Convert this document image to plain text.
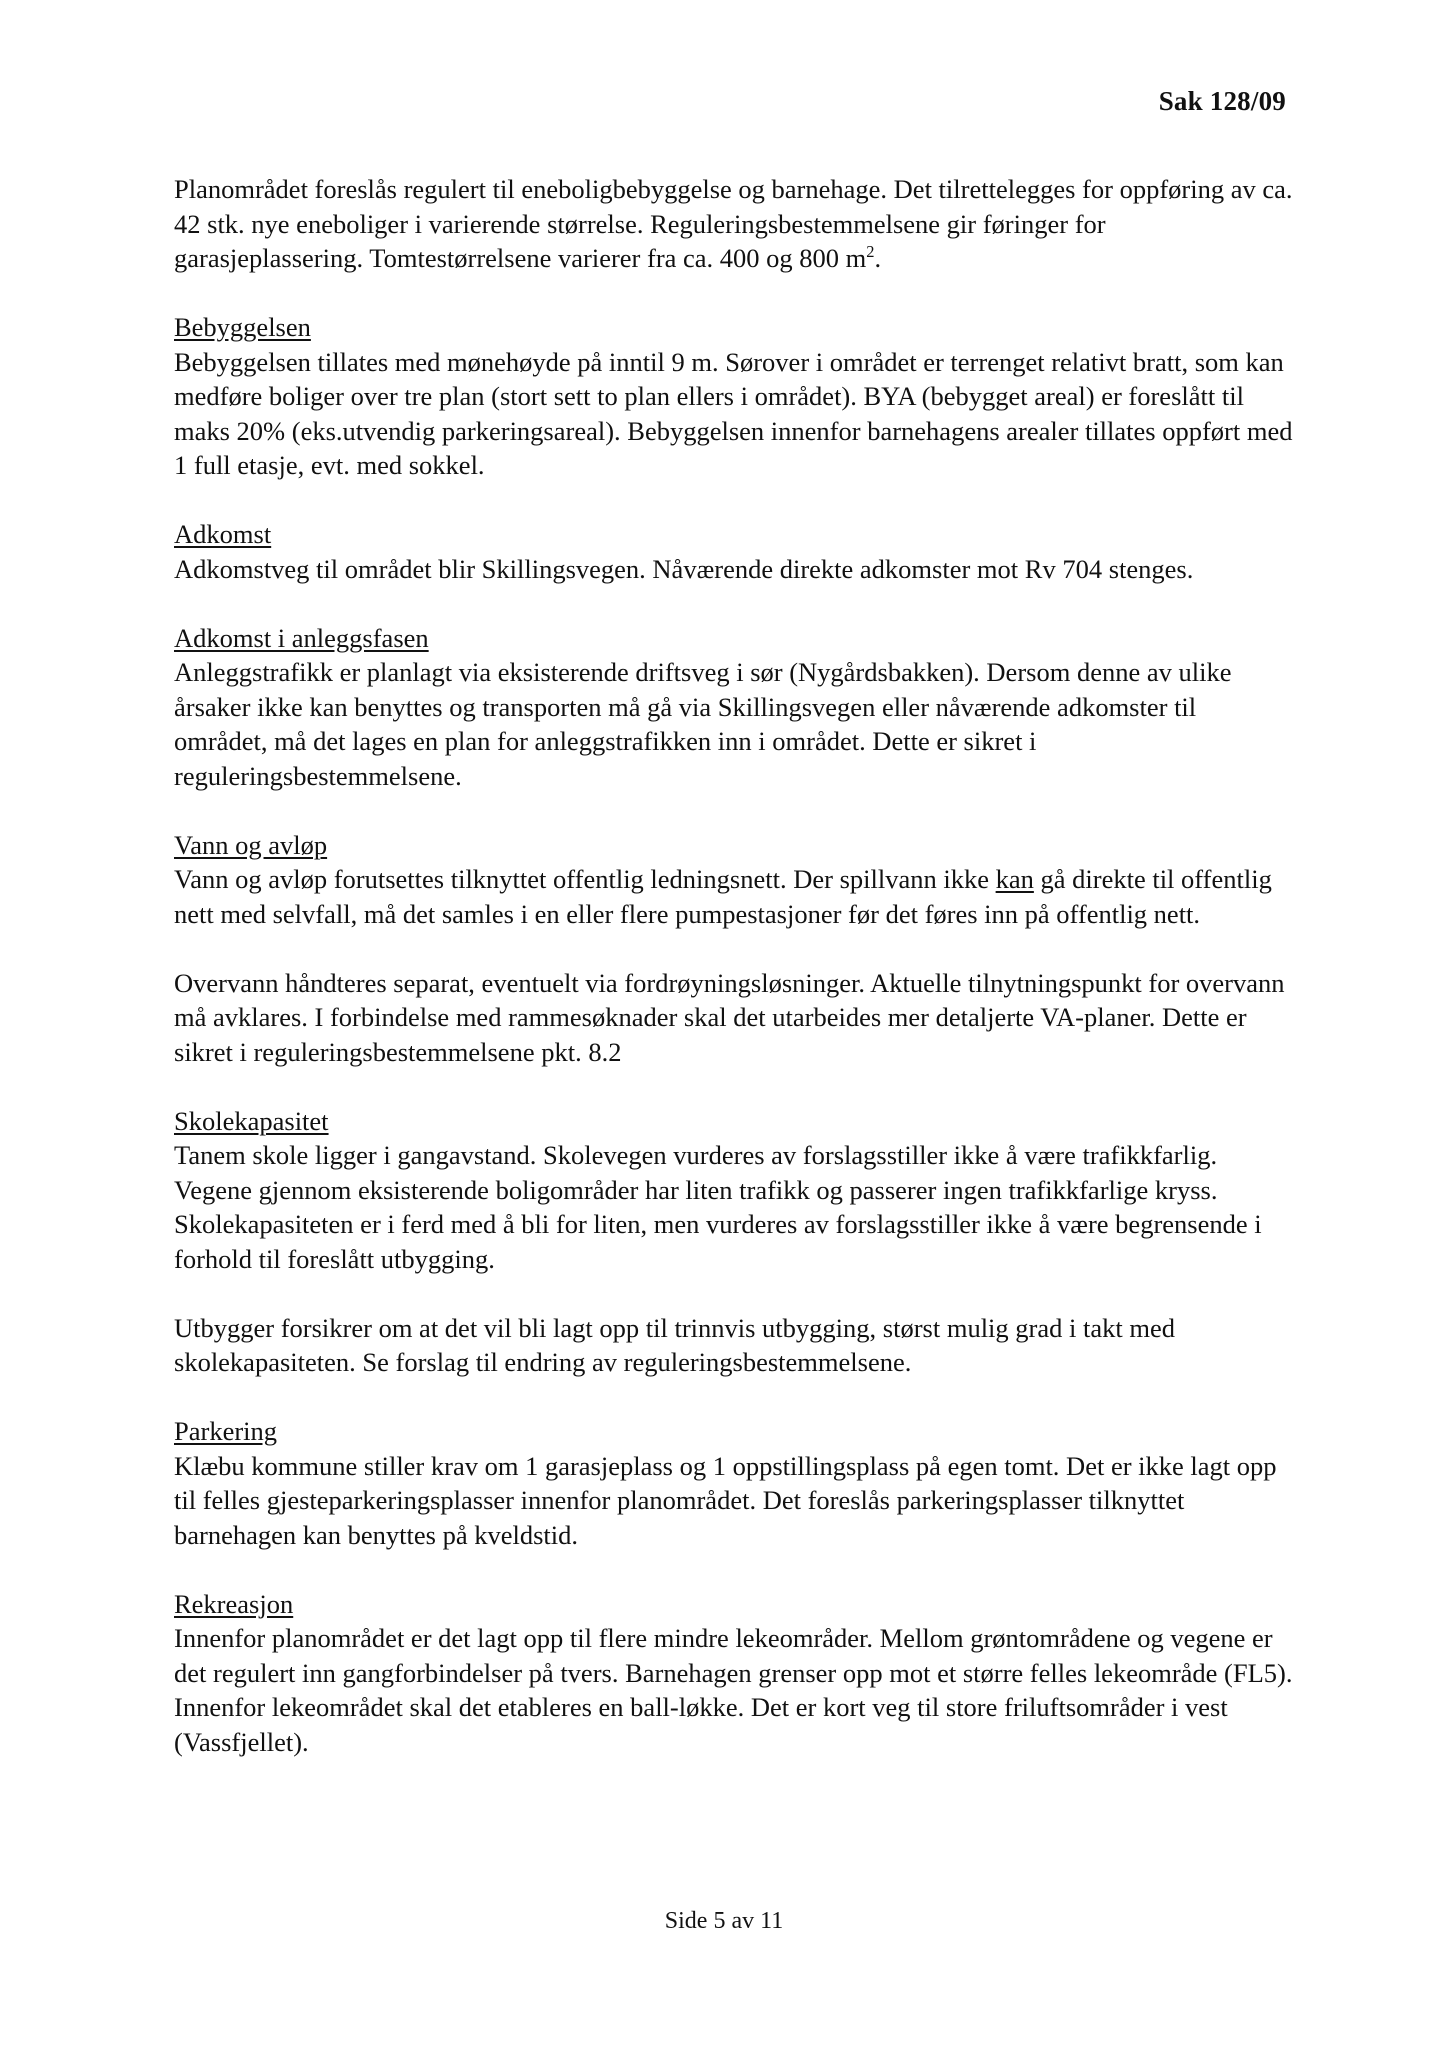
Sak 128/09

Planområdet foreslås regulert til eneboligbebyggelse og barnehage. Det tilrettelegges for oppføring av ca. 42 stk. nye eneboliger i varierende størrelse. Reguleringsbestemmelsene gir føringer for garasjeplassering. Tomtestørrelsene varierer fra ca. 400 og 800 $m^2$.

Bebyggelsen

Bebyggelsen tillates med mønehøyde på inntil 9 m. Sørover i området er terrenget relativt bratt, som kan medføre boliger over tre plan (stort sett to plan ellers i området). BYA (bebygget areal) er foreslått til maks 20% (eks.utvendig parkeringsareal). Bebyggelsen innenfor barnehagens arealer tillates oppført med 1 full etasje, evt. med sokkel.

Adkomst

Adkomstveg til området blir Skillingsvegen. Nåværende direkte adkomster mot Rv 704 stenges.

Adkomst i anleggsfasen

Anleggstrafikk er planlagt via eksisterende driftsveg i sør (Nygårdsbakken). Dersom denne av ulike årsaker ikke kan benyttes og transporten må gå via Skillingsvegen eller nåværende adkomster til området, må det lages en plan for anleggstrafikken inn i området. Dette er sikret i reguleringsbestemmelsene.

Vann og avløp

Vann og avløp forutsettes tilknyttet offentlig ledningsnett. Der spillvann ikke kan gå direkte til offentlig nett med selvfall, må det samles i en eller flere pumpestasjoner før det føres inn på offentlig nett.

Overvann håndteres separat, eventuelt via fordrøyningsløsninger. Aktuelle tilnytningspunkt for overvann må avklares. I forbindelse med rammesøknader skal det utarbeides mer detaljerte VA-planer. Dette er sikret i reguleringsbestemmelsene pkt. 8.2

Skolekapasitet

Tanem skole ligger i gangavstand. Skolevegen vurderes av forslagsstiller ikke å være trafikkfarlig. Vegene gjennom eksisterende boligområder har liten trafikk og passerer ingen trafikkfarlige kryss.

Skolekapasiteten er i ferd med å bli for liten, men vurderes av forslagsstiller ikke å være begrensende i forhold til foreslått utbygging.

Utbygger forsikrer om at det vil bli lagt opp til trinnvis utbygging, størst mulig grad i takt med skolekapasiteten. Se forslag til endring av reguleringsbestemmelsene.

Parkering

Klæbu kommune stiller krav om 1 garasjeplass og 1 oppstillingsplass på egen tomt. Det er ikke lagt opp til felles gjesteparkeringsplasser innenfor planområdet. Det foreslås parkeringsplasser tilknyttet barnehagen kan benyttes på kveldstid.

Rekreasjon

Innenfor planområdet er det lagt opp til flere mindre lekeområder. Mellom grøntområdene og vegene er det regulert inn gangforbindelser på tvers. Barnehagen grenser opp mot et større felles lekeområde (FL5). Innenfor lekeområdet skal det etableres en ball-løkke. Det er kort veg til store friluftsområder i vest (Vassfjellet).

Side 5 av 11
